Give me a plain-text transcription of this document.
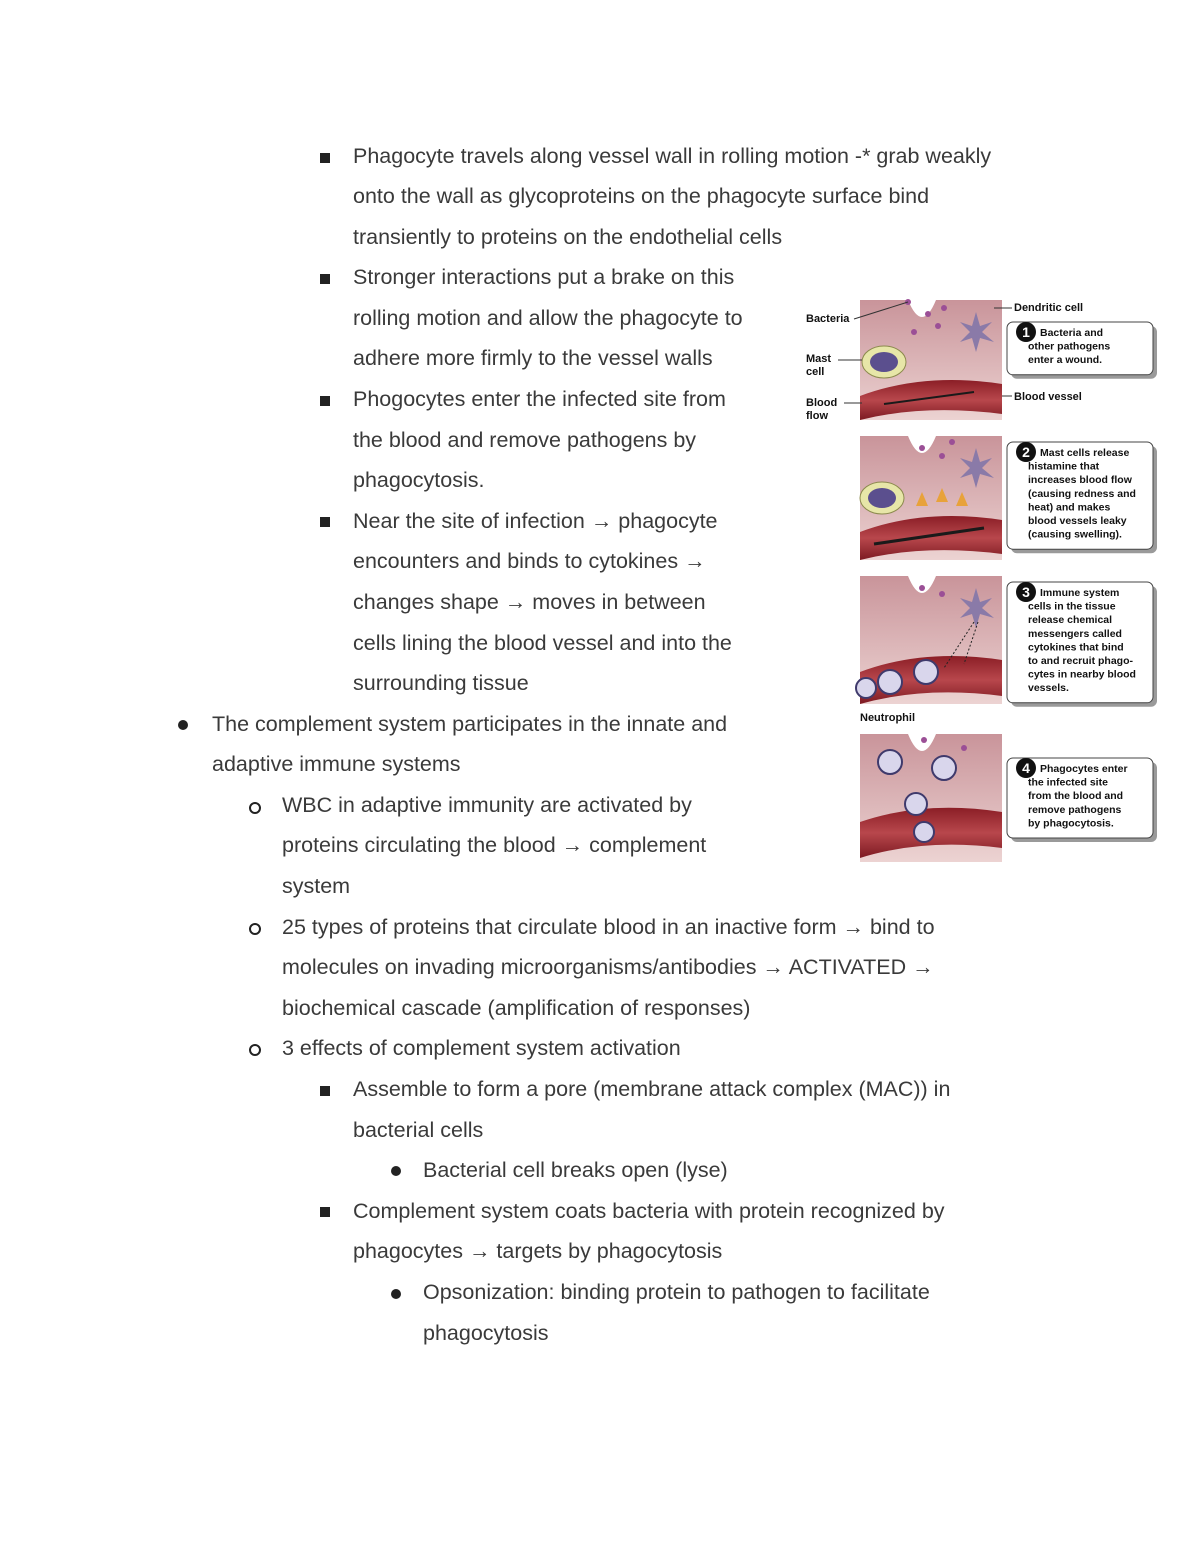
Phagocyte travels along vessel wall in rolling motion -* grab weakly
onto the wall as glycoproteins on the phagocyte surface bind
transiently to proteins on the endothelial cells
Stronger interactions put a brake on this
rolling motion and allow the phagocyte to
adhere more firmly to the vessel walls
Phogocytes enter the infected site from
the blood and remove pathogens by
phagocytosis.
Near the site of infection → phagocyte
encounters and binds to cytokines →
changes shape → moves in between
cells lining the blood vessel and into the
surrounding tissue
The complement system participates in the innate and
adaptive immune systems
WBC in adaptive immunity are activated by
proteins circulating the blood → complement
system
25 types of proteins that circulate blood in an inactive form → bind to
molecules on invading microorganisms/antibodies → ACTIVATED →
biochemical cascade (amplification of responses)
3 effects of complement system activation
Assemble to form a pore (membrane attack complex (MAC)) in
bacterial cells
Bacterial cell breaks open (lyse)
Complement system coats bacteria with protein recognized by
phagocytes → targets by phagocytosis
Opsonization: binding protein to pathogen to facilitate
phagocytosis
Bacteria
Mast
cell
Blood
flow
Dendritic cell
Blood vessel
Neutrophil
1 Bacteria and
other pathogens
enter a wound.
2 Mast cells release
histamine that
increases blood flow
(causing redness and
heat) and makes
blood vessels leaky
(causing swelling).
3 Immune system
cells in the tissue
release chemical
messengers called
cytokines that bind
to and recruit phago-
cytes in nearby blood
vessels.
4 Phagocytes enter
the infected site
from the blood and
remove pathogens
by phagocytosis.
